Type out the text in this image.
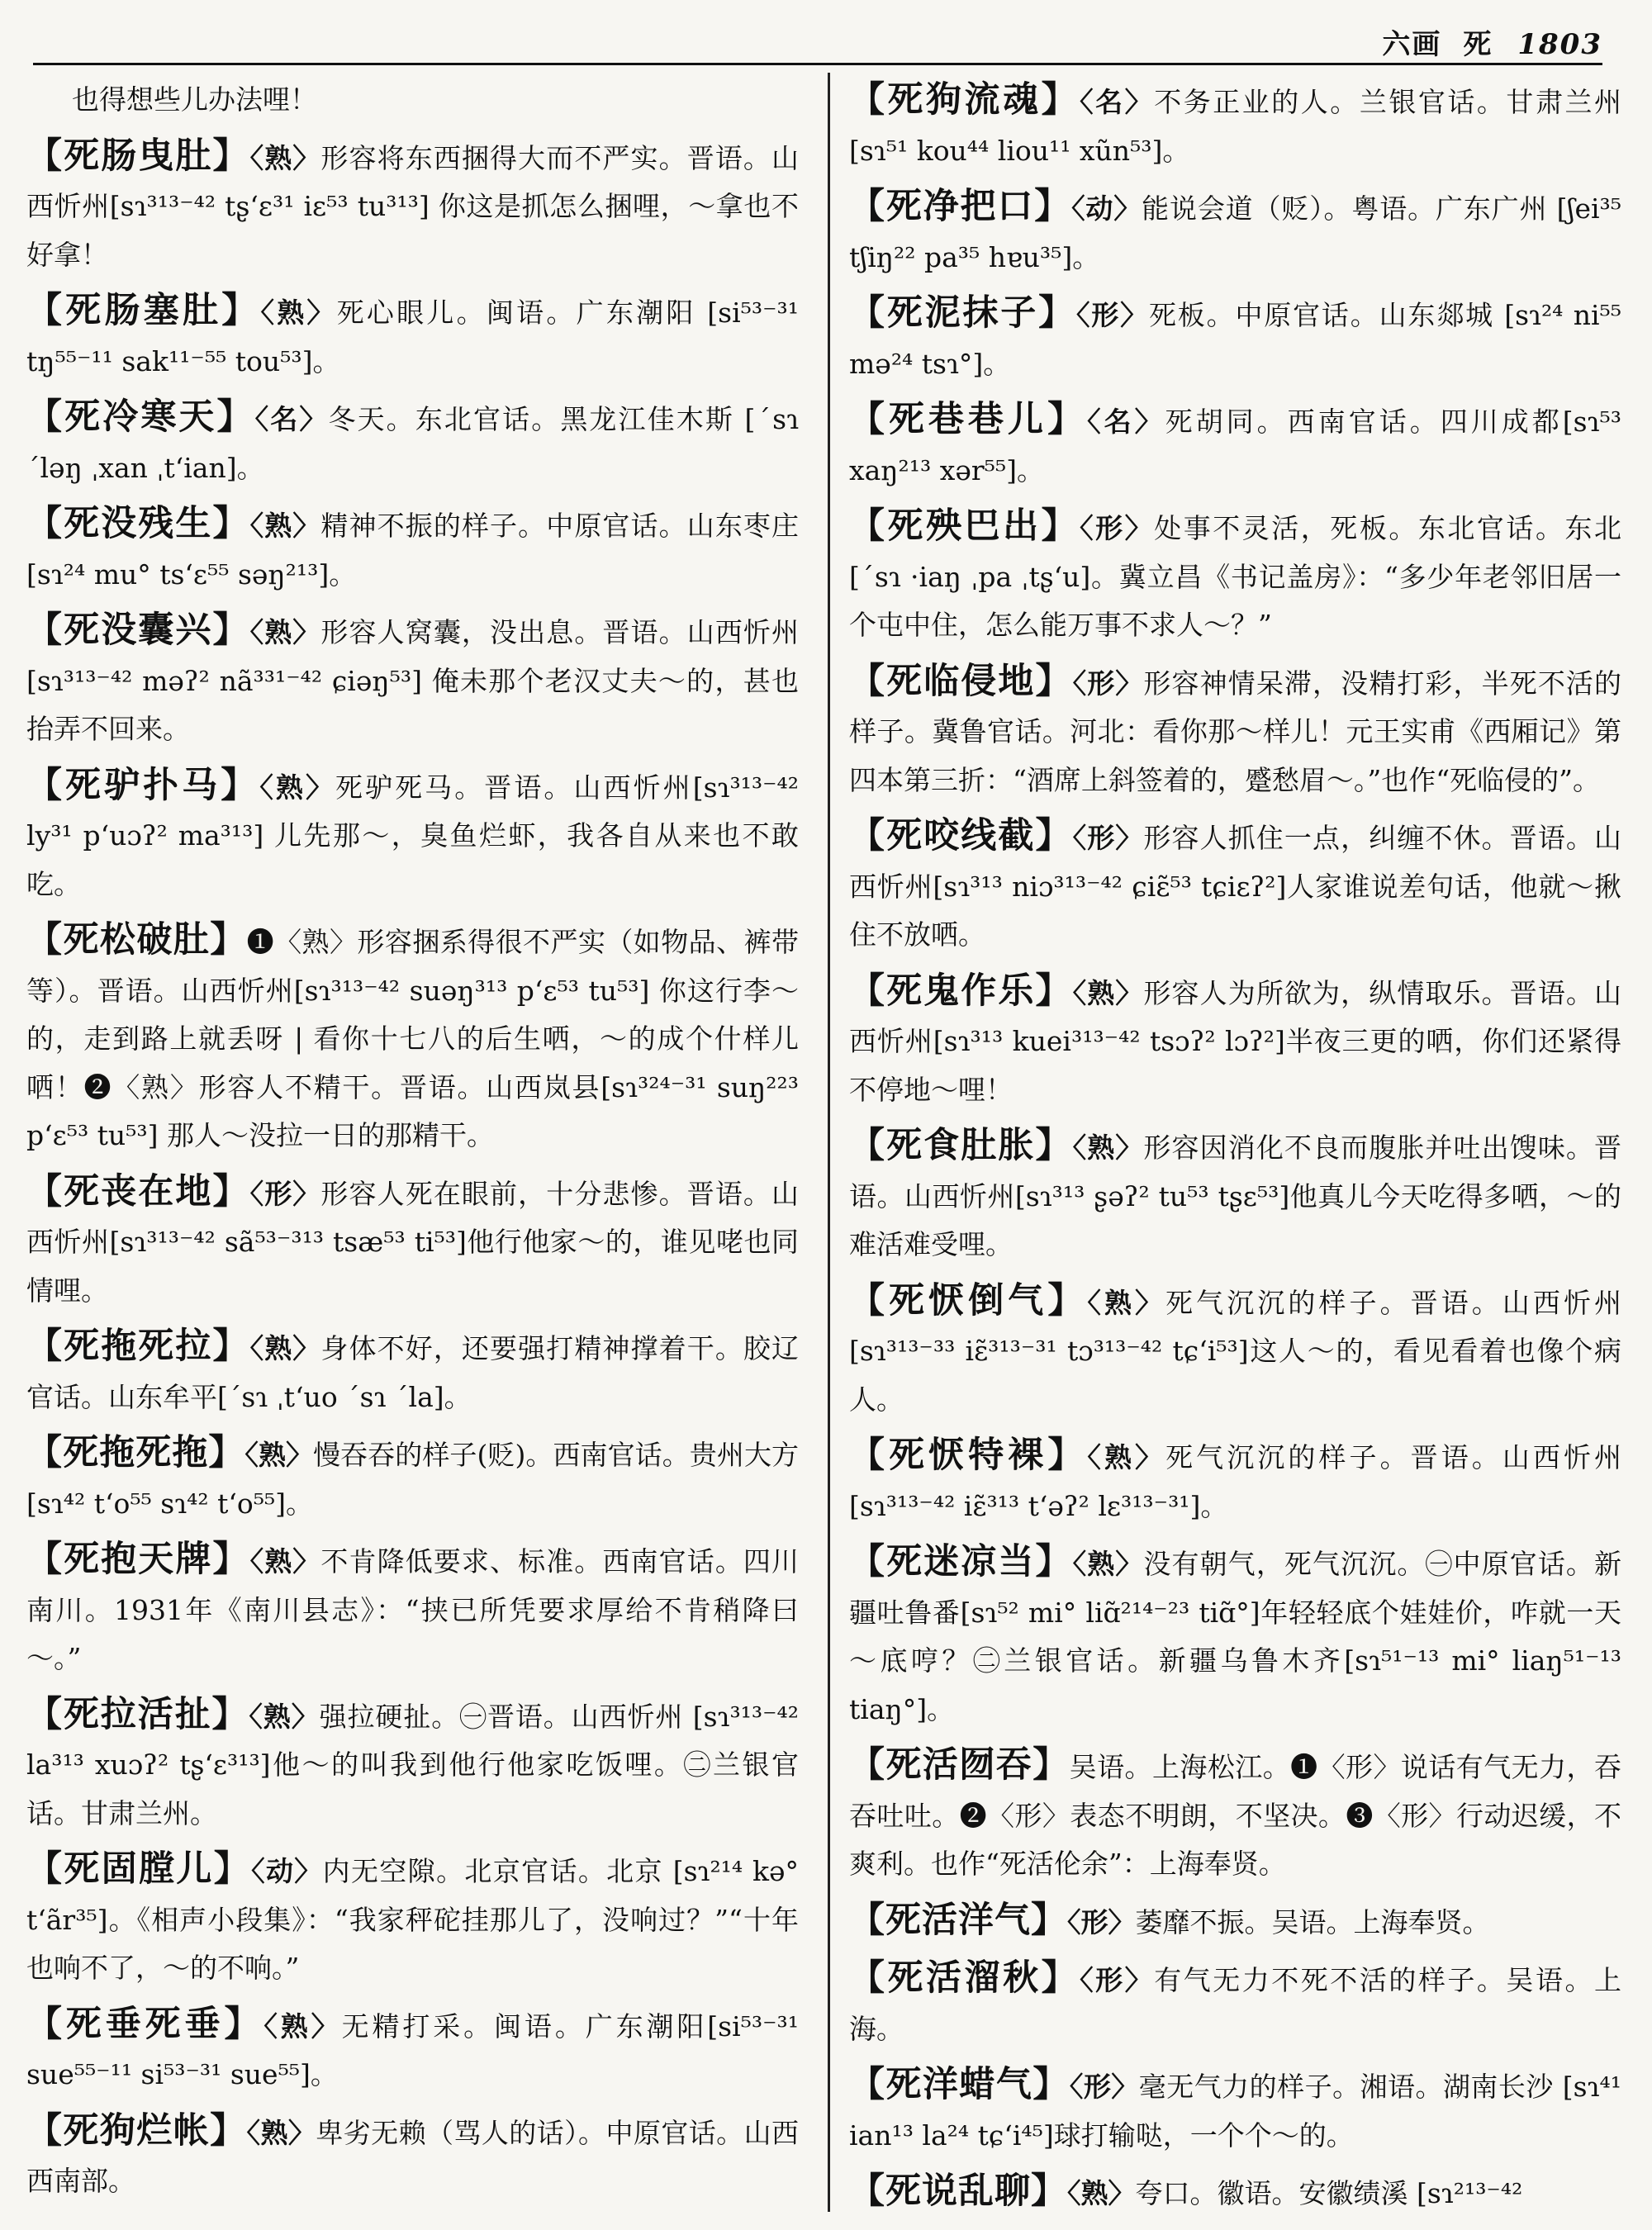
六画 死 1803

也得想些儿办法哩！

【死肠曳肚】〈熟〉形容将东西捆得大而不严实。晋语。山西忻州[sɿ³¹³⁻⁴² tʂʻɛ³¹ iɛ⁵³ tu³¹³] 你这是抓怎么捆哩，～拿也不好拿！

【死肠塞肚】〈熟〉死心眼儿。闽语。广东潮阳 [si⁵³⁻³¹ tŋ⁵⁵⁻¹¹ sak¹¹⁻⁵⁵ tou⁵³]。

【死冷寒天】〈名〉冬天。东北官话。黑龙江佳木斯 [ˊsɿ ˊləŋ ˌxan ˌtʻian]。

【死没残生】〈熟〉精神不振的样子。中原官话。山东枣庄[sɿ²⁴ mu° tsʻɛ⁵⁵ səŋ²¹³]。

【死没囊兴】〈熟〉形容人窝囊，没出息。晋语。山西忻州 [sɿ³¹³⁻⁴² məʔ² nã³³¹⁻⁴² ɕiəŋ⁵³] 俺未那个老汉丈夫～的，甚也抬弄不回来。

【死驴扑马】〈熟〉死驴死马。晋语。山西忻州[sɿ³¹³⁻⁴² ly³¹ pʻuɔʔ² ma³¹³] 儿先那～，臭鱼烂虾，我各自从来也不敢吃。

【死松破肚】❶〈熟〉形容捆系得很不严实（如物品、裤带等）。晋语。山西忻州[sɿ³¹³⁻⁴² suəŋ³¹³ pʻɛ⁵³ tu⁵³] 你这行李～的，走到路上就丢呀 | 看你十七八的后生哂，～的成个什样儿哂！❷〈熟〉形容人不精干。晋语。山西岚县[sɿ³²⁴⁻³¹ suŋ²²³ pʻɛ⁵³ tu⁵³] 那人～没拉一日的那精干。

【死丧在地】〈形〉形容人死在眼前，十分悲惨。晋语。山西忻州[sɿ³¹³⁻⁴² sã⁵³⁻³¹³ tsæ⁵³ ti⁵³]他行他家～的，谁见咾也同情哩。

【死拖死拉】〈熟〉身体不好，还要强打精神撑着干。胶辽官话。山东牟平[ˊsɿ ˌtʻuo ˊsɿ ˊla]。

【死拖死拖】〈熟〉慢吞吞的样子(贬)。西南官话。贵州大方[sɿ⁴² tʻo⁵⁵ sɿ⁴² tʻo⁵⁵]。

【死抱天牌】〈熟〉不肯降低要求、标准。西南官话。四川南川。1931年《南川县志》：“挟已所凭要求厚给不肯稍降曰～。”

【死拉活扯】〈熟〉强拉硬扯。㊀晋语。山西忻州 [sɿ³¹³⁻⁴² la³¹³ xuɔʔ² tʂʻɛ³¹³]他～的叫我到他行他家吃饭哩。㊁兰银官话。甘肃兰州。

【死固膛儿】〈动〉内无空隙。北京官话。北京 [sɿ²¹⁴ kə° tʻãr³⁵]。《相声小段集》：“我家秤砣挂那儿了，没响过？”“十年也响不了，～的不响。”

【死垂死垂】〈熟〉无精打采。闽语。广东潮阳[si⁵³⁻³¹ sue⁵⁵⁻¹¹ si⁵³⁻³¹ sue⁵⁵]。

【死狗烂帐】〈熟〉卑劣无赖（骂人的话）。中原官话。山西西南部。

【死狗流魂】〈名〉不务正业的人。兰银官话。甘肃兰州[sɿ⁵¹ kou⁴⁴ liou¹¹ xũn⁵³]。

【死净把口】〈动〉能说会道（贬）。粤语。广东广州 [ʃei³⁵ tʃiŋ²² pa³⁵ hɐu³⁵]。

【死泥抹子】〈形〉死板。中原官话。山东郯城 [sɿ²⁴ ni⁵⁵ mə²⁴ tsɿ°]。

【死巷巷儿】〈名〉死胡同。西南官话。四川成都[sɿ⁵³ xaŋ²¹³ xər⁵⁵]。

【死殃巴出】〈形〉处事不灵活，死板。东北官话。东北[ˊsɿ ·iaŋ ˌpa ˌtʂʻu]。冀立昌《书记盖房》：“多少年老邻旧居一个屯中住，怎么能万事不求人～？”

【死临侵地】〈形〉形容神情呆滞，没精打彩，半死不活的样子。冀鲁官话。河北：看你那～样儿！元王实甫《西厢记》第四本第三折：“酒席上斜签着的，蹙愁眉～。”也作“死临侵的”。

【死咬线截】〈形〉形容人抓住一点，纠缠不休。晋语。山西忻州[sɿ³¹³ niɔ³¹³⁻⁴² ɕiɛ̃⁵³ tɕiɛʔ²]人家谁说差句话，他就～揪住不放哂。

【死鬼作乐】〈熟〉形容人为所欲为，纵情取乐。晋语。山西忻州[sɿ³¹³ kuei³¹³⁻⁴² tsɔʔ² lɔʔ²]半夜三更的哂，你们还紧得不停地～哩！

【死食肚胀】〈熟〉形容因消化不良而腹胀并吐出馊味。晋语。山西忻州[sɿ³¹³ ʂəʔ² tu⁵³ tʂɛ⁵³]他真儿今天吃得多哂，～的难活难受哩。

【死恹倒气】〈熟〉死气沉沉的样子。晋语。山西忻州 [sɿ³¹³⁻³³ iɛ̃³¹³⁻³¹ tɔ³¹³⁻⁴² tɕʻi⁵³]这人～的，看见看着也像个病人。

【死恹特裸】〈熟〉死气沉沉的样子。晋语。山西忻州 [sɿ³¹³⁻⁴² iɛ̃³¹³ tʻəʔ² lɛ³¹³⁻³¹]。

【死迷凉当】〈熟〉没有朝气，死气沉沉。㊀中原官话。新疆吐鲁番[sɿ⁵² mi° liɑ̃²¹⁴⁻²³ tiɑ̃°]年轻轻底个娃娃价，咋就一天～底哼？㊁兰银官话。新疆乌鲁木齐[sɿ⁵¹⁻¹³ mi° liaŋ⁵¹⁻¹³ tiaŋ°]。

【死活囫吞】吴语。上海松江。❶〈形〉说话有气无力，吞吞吐吐。❷〈形〉表态不明朗，不坚决。❸〈形〉行动迟缓，不爽利。也作“死活伦余”：上海奉贤。

【死活洋气】〈形〉萎靡不振。吴语。上海奉贤。

【死活溜秋】〈形〉有气无力不死不活的样子。吴语。上海。

【死洋蜡气】〈形〉毫无气力的样子。湘语。湖南长沙 [sɿ⁴¹ ian¹³ la²⁴ tɕʻi⁴⁵]球打输哒，一个个～的。

【死说乱聊】〈熟〉夸口。徽语。安徽绩溪 [sɿ²¹³⁻⁴²
